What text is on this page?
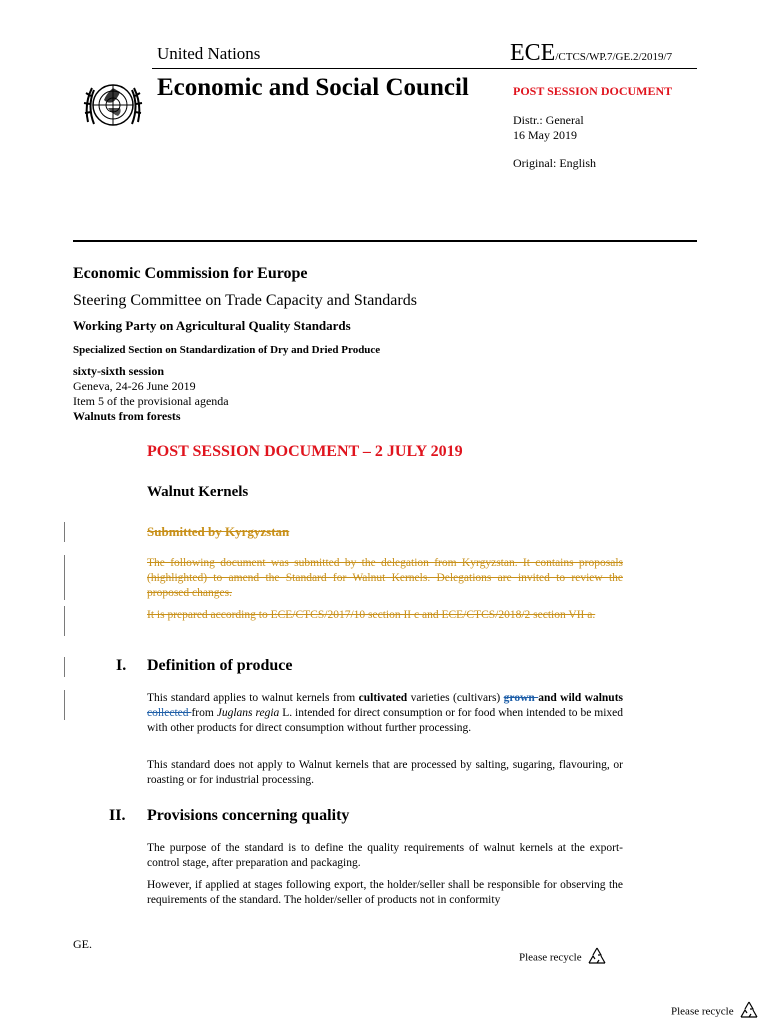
United Nations	ECE/CTCS/WP.7/GE.2/2019/7
Economic and Social Council	POST SESSION DOCUMENT
Distr.: General
16 May 2019
Original: English
Economic Commission for Europe
Steering Committee on Trade Capacity and Standards
Working Party on Agricultural Quality Standards
Specialized Section on Standardization of Dry and Dried Produce
sixty-sixth session
Geneva, 24-26 June 2019
Item 5 of the provisional agenda
Walnuts from forests
POST SESSION DOCUMENT – 2 JULY 2019
Walnut Kernels
Submitted by Kyrgyzstan
The following document was submitted by the delegation from Kyrgyzstan. It contains proposals (highlighted) to amend the Standard for Walnut Kernels. Delegations are invited to review the proposed changes.
It is prepared according to ECE/CTCS/2017/10 section II c and ECE/CTCS/2018/2 section VII a.
I. Definition of produce
This standard applies to walnut kernels from cultivated varieties (cultivars) grown and wild walnuts collected from Juglans regia L. intended for direct consumption or for food when intended to be mixed with other products for direct consumption without further processing.
This standard does not apply to Walnut kernels that are processed by salting, sugaring, flavouring, or roasting or for industrial processing.
II. Provisions concerning quality
The purpose of the standard is to define the quality requirements of walnut kernels at the export-control stage, after preparation and packaging.
However, if applied at stages following export, the holder/seller shall be responsible for observing the requirements of the standard. The holder/seller of products not in conformity
GE.
Please recycle
Please recycle
